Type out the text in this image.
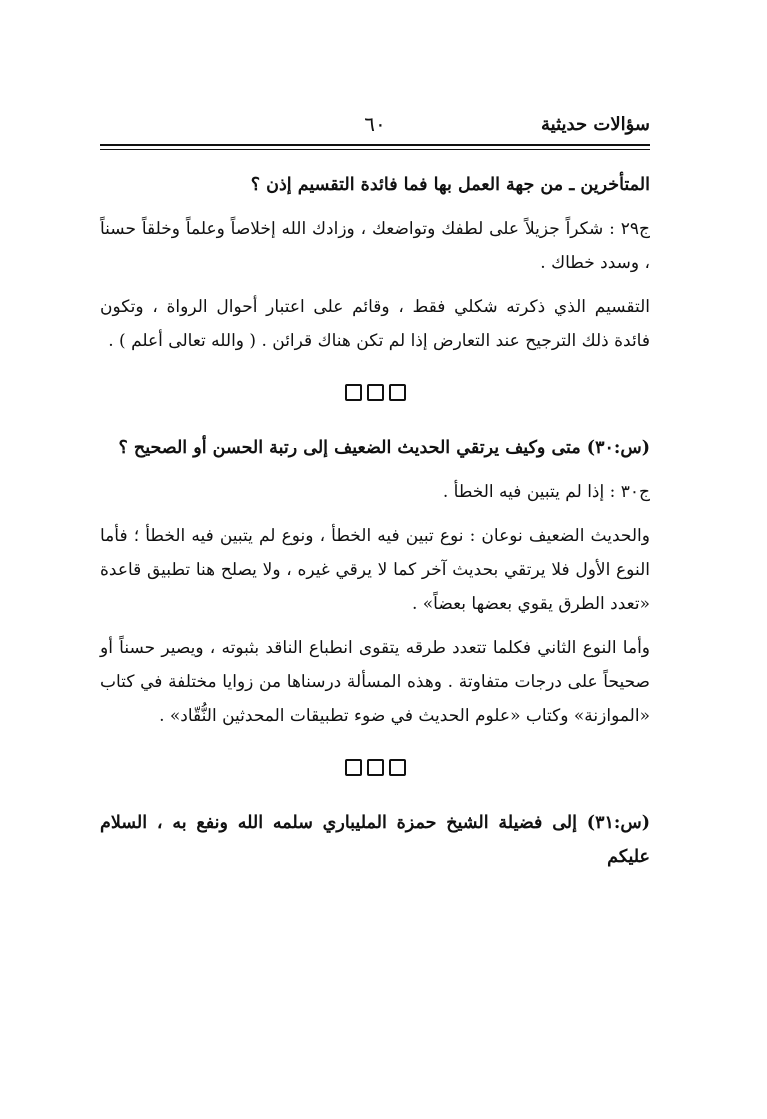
٦٠	سؤالات حديثية

المتأخرين ـ من جهة العمل بها فما فائدة التقسيم إذن ؟

ج٢٩ : شكراً جزيلاً على لطفك وتواضعك ، وزادك الله إخلاصاً وعلماً وخلقاً حسناً ، وسدد خطاك .

التقسيم الذي ذكرته شكلي فقط ، وقائم على اعتبار أحوال الرواة ، وتكون فائدة ذلك الترجيح عند التعارض إذا لم تكن هناك قرائن . ( والله تعالى أعلم ) .

(س:٣٠) متى وكيف يرتقي الحديث الضعيف إلى رتبة الحسن أو الصحيح ؟

ج٣٠ : إذا لم يتبين فيه الخطأ .

والحديث الضعيف نوعان : نوع تبين فيه الخطأ ، ونوع لم يتبين فيه الخطأ ؛ فأما النوع الأول فلا يرتقي بحديث آخر كما لا يرقي غيره ، ولا يصلح هنا تطبيق قاعدة «تعدد الطرق يقوي بعضها بعضاً» .

وأما النوع الثاني فكلما تتعدد طرقه يتقوى انطباع الناقد بثبوته ، ويصير حسناً أو صحيحاً على درجات متفاوتة . وهذه المسألة درسناها من زوايا مختلفة في كتاب «الموازنة» وكتاب «علوم الحديث في ضوء تطبيقات المحدثين النُّقّاد» .

(س:٣١) إلى فضيلة الشيخ حمزة المليباري سلمه الله ونفع به ، السلام عليكم
